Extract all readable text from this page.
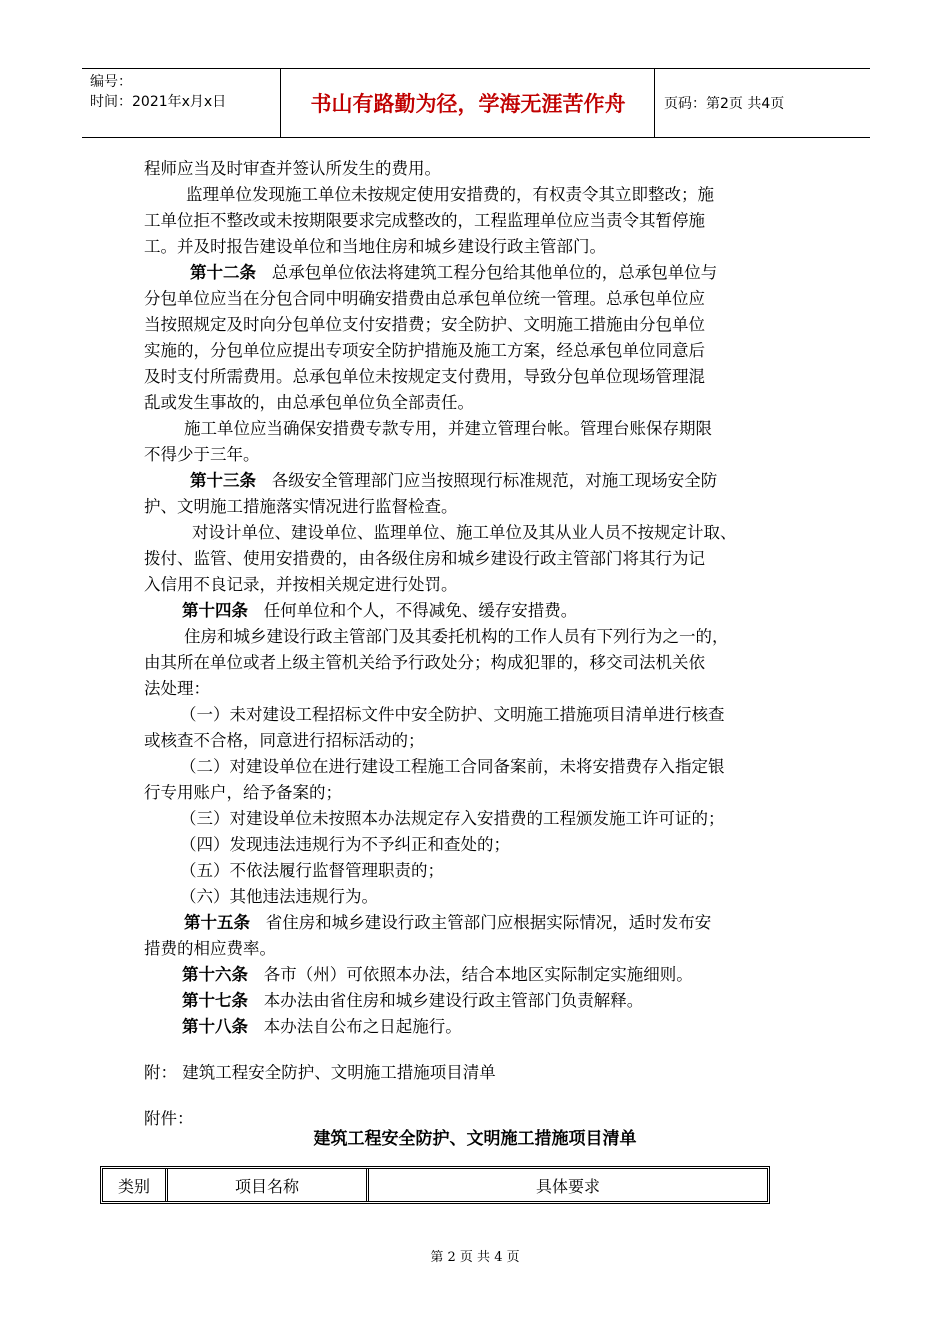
编号：
时间：2021年x月x日	书山有路勤为径，学海无涯苦作舟	页码：第2页 共4页
程师应当及时审查并签认所发生的费用。
监理单位发现施工单位未按规定使用安措费的，有权责令其立即整改；施
工单位拒不整改或未按期限要求完成整改的，工程监理单位应当责令其暂停施
工。并及时报告建设单位和当地住房和城乡建设行政主管部门。
第十二条 总承包单位依法将建筑工程分包给其他单位的，总承包单位与
分包单位应当在分包合同中明确安措费由总承包单位统一管理。总承包单位应
当按照规定及时向分包单位支付安措费；安全防护、文明施工措施由分包单位
实施的，分包单位应提出专项安全防护措施及施工方案，经总承包单位同意后
及时支付所需费用。总承包单位未按规定支付费用，导致分包单位现场管理混
乱或发生事故的，由总承包单位负全部责任。
施工单位应当确保安措费专款专用，并建立管理台帐。管理台账保存期限
不得少于三年。
第十三条 各级安全管理部门应当按照现行标准规范，对施工现场安全防
护、文明施工措施落实情况进行监督检查。
对设计单位、建设单位、监理单位、施工单位及其从业人员不按规定计取、
拨付、监管、使用安措费的，由各级住房和城乡建设行政主管部门将其行为记
入信用不良记录，并按相关规定进行处罚。
第十四条 任何单位和个人，不得减免、缓存安措费。
住房和城乡建设行政主管部门及其委托机构的工作人员有下列行为之一的，
由其所在单位或者上级主管机关给予行政处分；构成犯罪的，移交司法机关依
法处理：
（一）未对建设工程招标文件中安全防护、文明施工措施项目清单进行核查
或核查不合格，同意进行招标活动的；
（二）对建设单位在进行建设工程施工合同备案前，未将安措费存入指定银
行专用账户，给予备案的；
（三）对建设单位未按照本办法规定存入安措费的工程颁发施工许可证的；
（四）发现违法违规行为不予纠正和查处的；
（五）不依法履行监督管理职责的；
（六）其他违法违规行为。
第十五条 省住房和城乡建设行政主管部门应根据实际情况，适时发布安
措费的相应费率。
第十六条 各市（州）可依照本办法，结合本地区实际制定实施细则。
第十七条 本办法由省住房和城乡建设行政主管部门负责解释。
第十八条 本办法自公布之日起施行。
附： 建筑工程安全防护、文明施工措施项目清单
附件：
建筑工程安全防护、文明施工措施项目清单
类别	项目名称	具体要求
第 2 页 共 4 页
